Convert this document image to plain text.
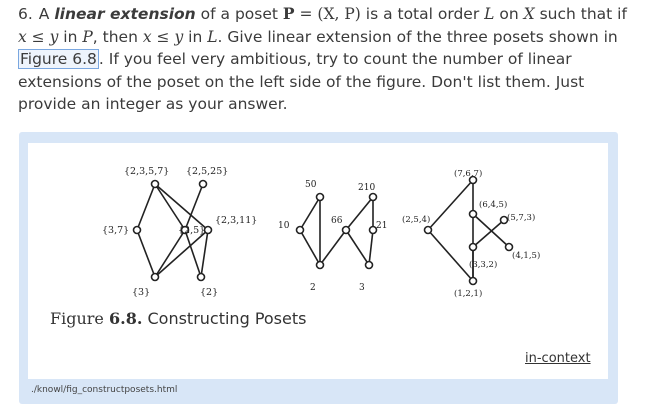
6. A linear extension of a poset P = (X, P) is a total order L on X such that if x ≤ y in P, then x ≤ y in L. Give linear extension of the three posets shown in Figure 6.8 . If you feel very ambitious, try to count the number of linear extensions of the poset on the left side of the figure. Don't list them. Just provide an integer as your answer.
{2,3,5,7} {2,5,25}
{3,7}	{2,5}
{2,3,11}
{3}	{2}
50	210
10	66	21
2	3
(7,6,7)
(6,4,5)
(5,7,3)
(2,5,4)
(4,1,5)
(3,3,2)
(1,2,1)
Figure 6.8. Constructing Posets
in-context
./knowl/fig_constructposets.html
